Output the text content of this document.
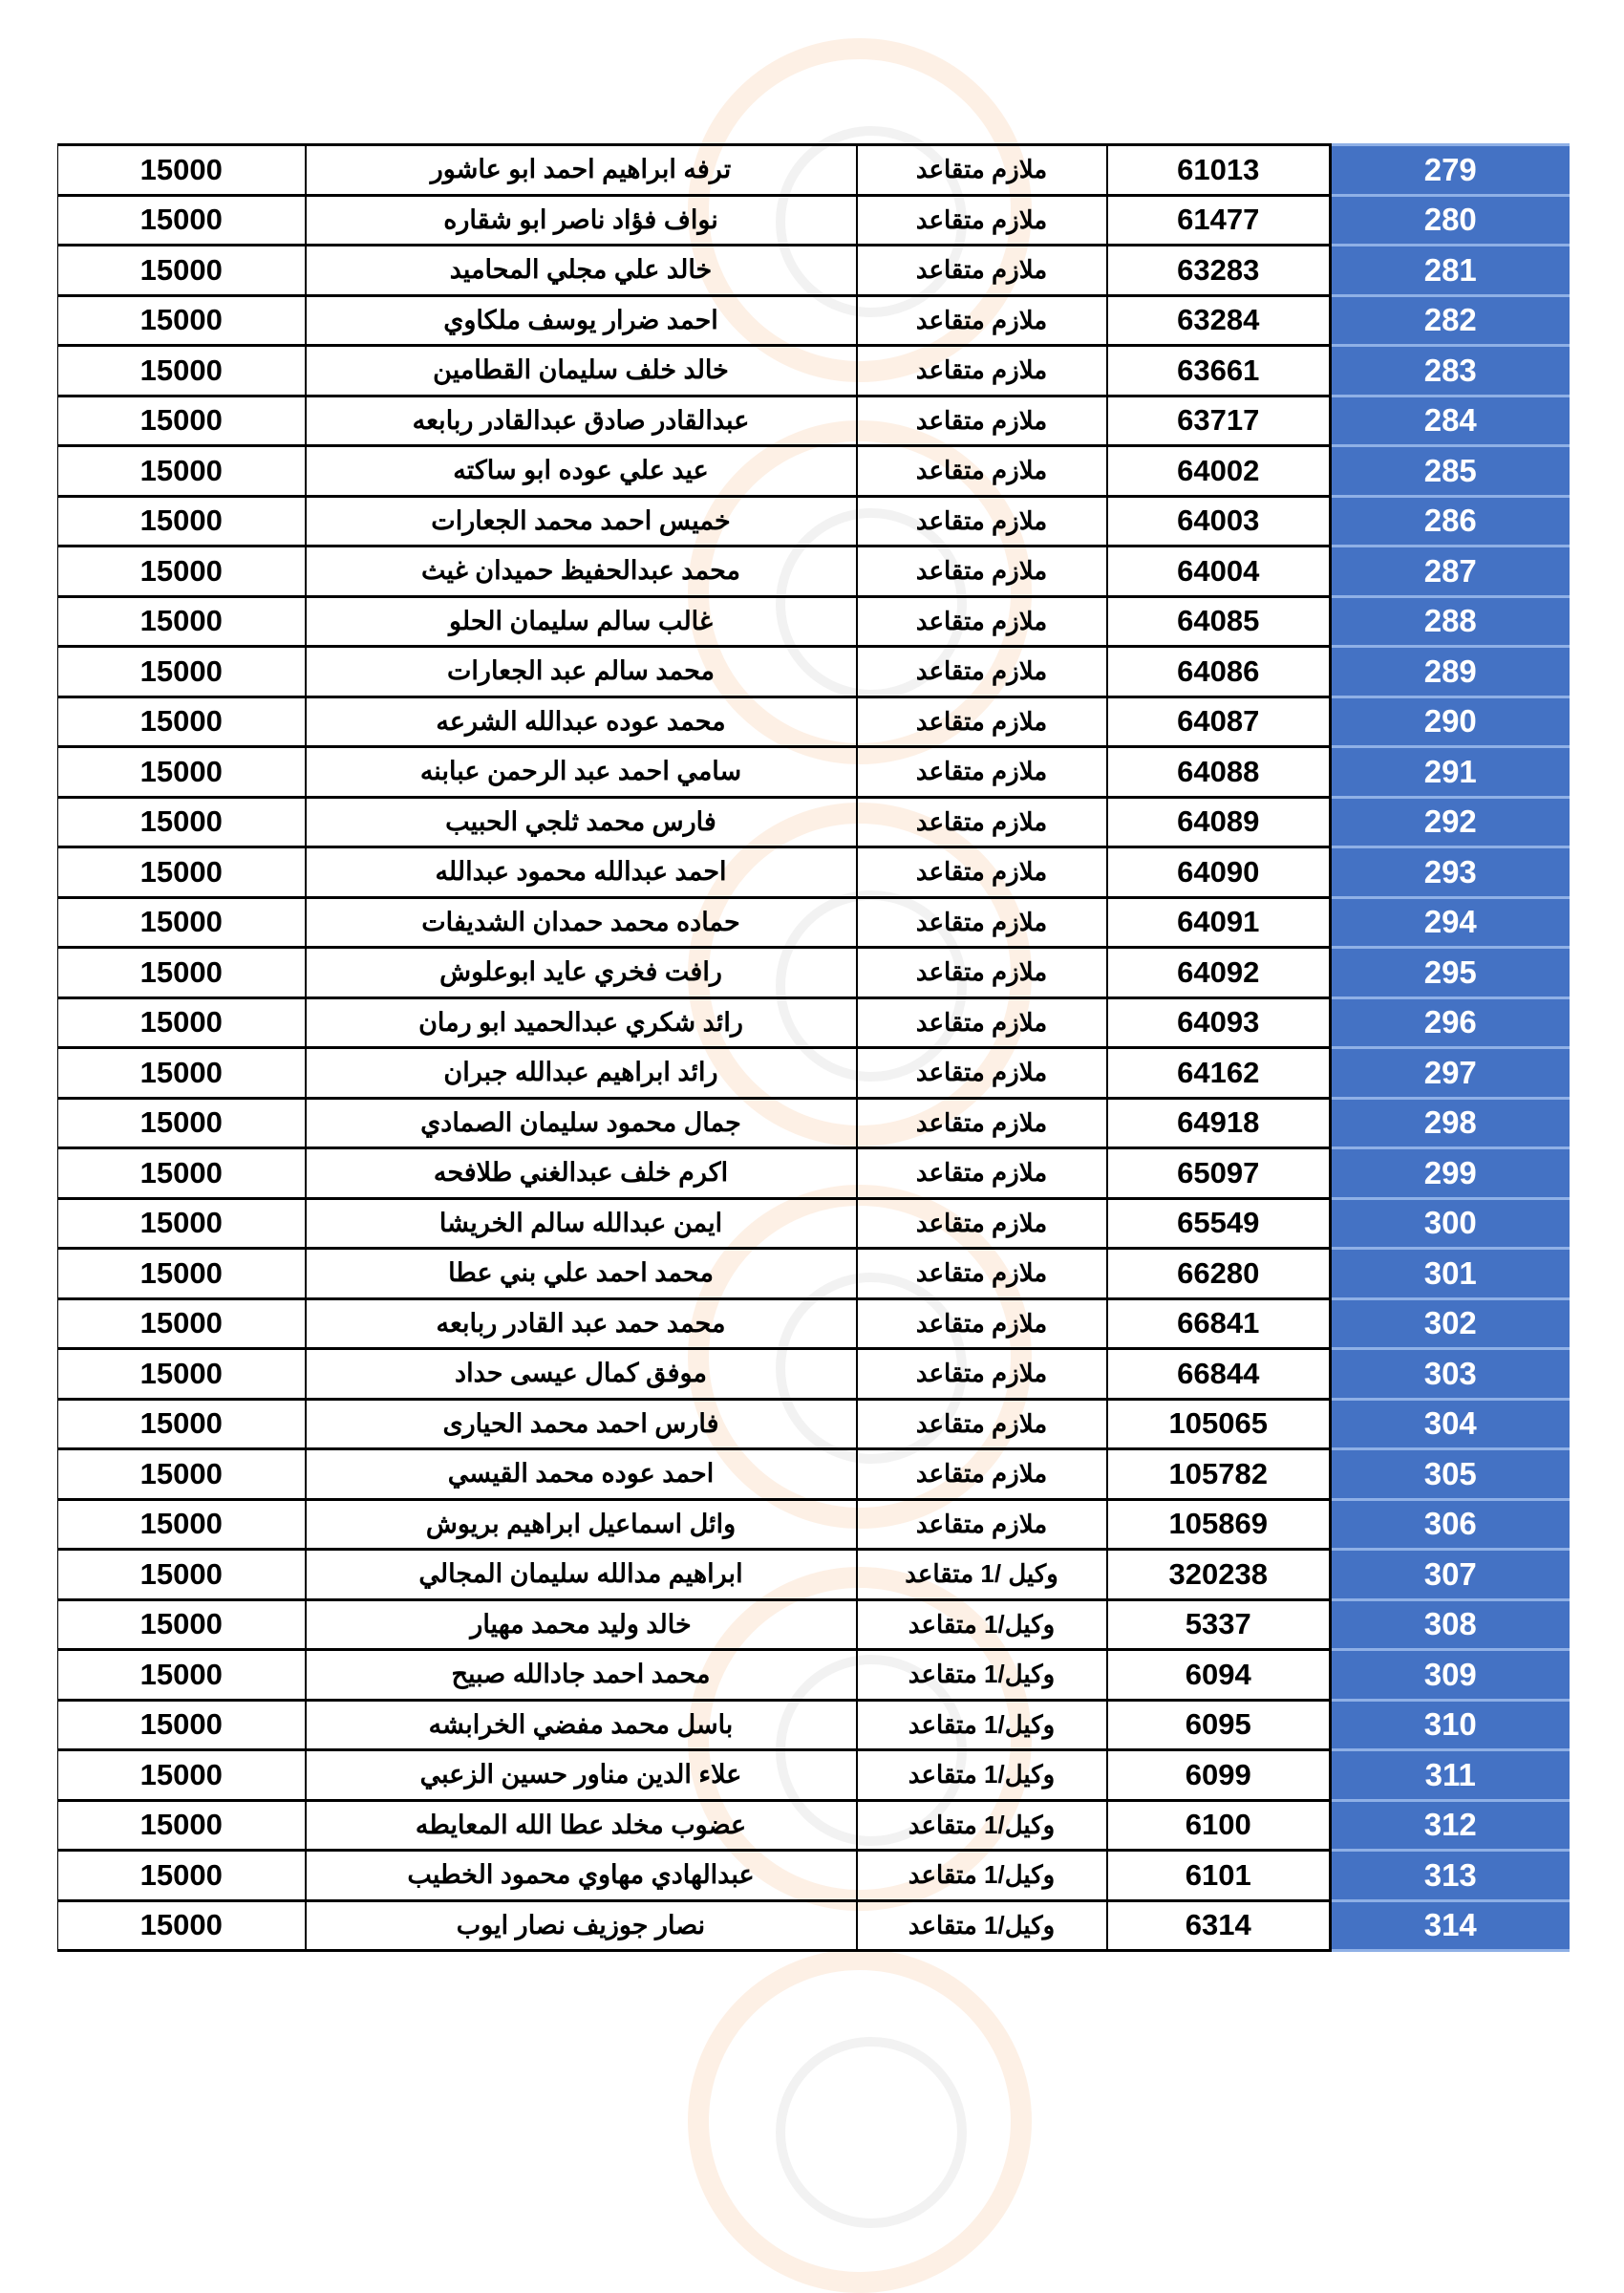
15000	ترفه ابراهيم احمد ابو عاشور	ملازم متقاعد	61013	279
15000	نواف فؤاد ناصر ابو شقاره	ملازم متقاعد	61477	280
15000	خالد علي مجلي المحاميد	ملازم متقاعد	63283	281
15000	احمد ضرار يوسف ملكاوي	ملازم متقاعد	63284	282
15000	خالد خلف سليمان القطامين	ملازم متقاعد	63661	283
15000	عبدالقادر صادق عبدالقادر ربابعه	ملازم متقاعد	63717	284
15000	عيد علي عوده ابو ساكته	ملازم متقاعد	64002	285
15000	خميس احمد محمد الجعارات	ملازم متقاعد	64003	286
15000	محمد عبدالحفيظ حميدان غيث	ملازم متقاعد	64004	287
15000	غالب سالم سليمان الحلو	ملازم متقاعد	64085	288
15000	محمد سالم عبد الجعارات	ملازم متقاعد	64086	289
15000	محمد عوده عبدالله الشرعه	ملازم متقاعد	64087	290
15000	سامي احمد عبد الرحمن عبابنه	ملازم متقاعد	64088	291
15000	فارس محمد ثلجي الحبيب	ملازم متقاعد	64089	292
15000	احمد عبدالله محمود عبدالله	ملازم متقاعد	64090	293
15000	حماده محمد حمدان الشديفات	ملازم متقاعد	64091	294
15000	رافت فخري عايد ابوعلوش	ملازم متقاعد	64092	295
15000	رائد شكري عبدالحميد ابو رمان	ملازم متقاعد	64093	296
15000	رائد ابراهيم عبدالله جبران	ملازم متقاعد	64162	297
15000	جمال محمود سليمان الصمادي	ملازم متقاعد	64918	298
15000	اكرم خلف عبدالغني طلافحه	ملازم متقاعد	65097	299
15000	ايمن عبدالله سالم الخريشا	ملازم متقاعد	65549	300
15000	محمد احمد علي بني عطا	ملازم متقاعد	66280	301
15000	محمد حمد عبد القادر ربابعه	ملازم متقاعد	66841	302
15000	موفق كمال عيسى حداد	ملازم متقاعد	66844	303
15000	فارس احمد محمد الحيارى	ملازم متقاعد	105065	304
15000	احمد عوده محمد القيسي	ملازم متقاعد	105782	305
15000	وائل اسماعيل ابراهيم بريوش	ملازم متقاعد	105869	306
15000	ابراهيم مدالله سليمان المجالي	وكيل /1 متقاعد	320238	307
15000	خالد وليد محمد مهيار	وكيل/1 متقاعد	5337	308
15000	محمد احمد جادالله صبيح	وكيل/1 متقاعد	6094	309
15000	باسل محمد مفضي الخرابشه	وكيل/1 متقاعد	6095	310
15000	علاء الدين مناور حسين الزعبي	وكيل/1 متقاعد	6099	311
15000	عضوب مخلد عطا الله المعايطه	وكيل/1 متقاعد	6100	312
15000	عبدالهادي مهاوي محمود الخطيب	وكيل/1 متقاعد	6101	313
15000	نصار جوزيف نصار ايوب	وكيل/1 متقاعد	6314	314
